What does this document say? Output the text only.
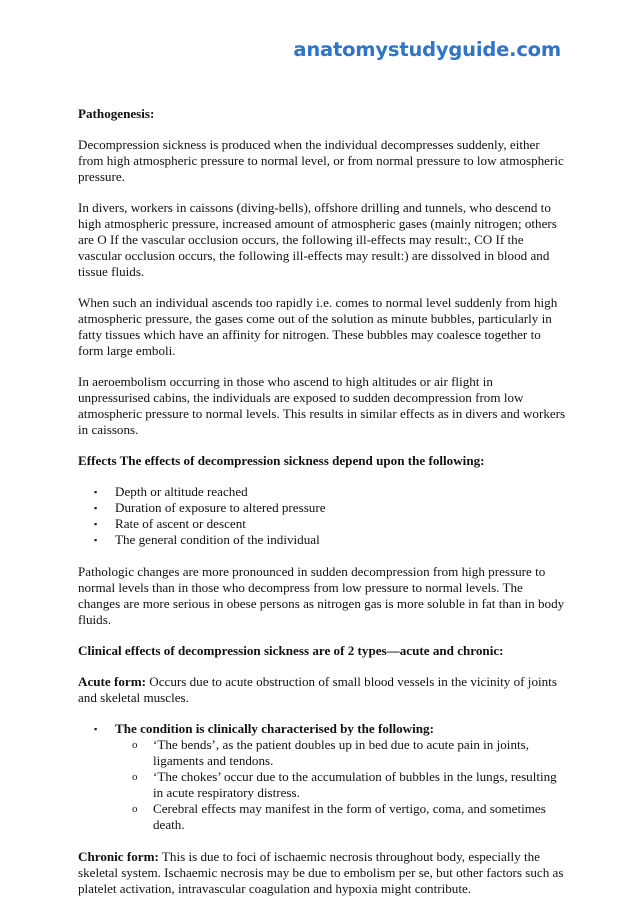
anatomystudyguide.com

Pathogenesis:

Decompression sickness is produced when the individual decompresses suddenly, either from high atmospheric pressure to normal level, or from normal pressure to low atmospheric pressure.

In divers, workers in caissons (diving-bells), offshore drilling and tunnels, who descend to high atmospheric pressure, increased amount of atmospheric gases (mainly nitrogen; others are O If the vascular occlusion occurs, the following ill-effects may result:, CO If the vascular occlusion occurs, the following ill-effects may result:) are dissolved in blood and tissue fluids.

When such an individual ascends too rapidly i.e. comes to normal level suddenly from high atmospheric pressure, the gases come out of the solution as minute bubbles, particularly in fatty tissues which have an affinity for nitrogen. These bubbles may coalesce together to form large emboli.

In aeroembolism occurring in those who ascend to high altitudes or air flight in unpressurised cabins, the individuals are exposed to sudden decompression from low atmospheric pressure to normal levels. This results in similar effects as in divers and workers in caissons.

Effects The effects of decompression sickness depend upon the following:

▪ Depth or altitude reached
▪ Duration of exposure to altered pressure
▪ Rate of ascent or descent
▪ The general condition of the individual

Pathologic changes are more pronounced in sudden decompression from high pressure to normal levels than in those who decompress from low pressure to normal levels. The changes are more serious in obese persons as nitrogen gas is more soluble in fat than in body fluids.

Clinical effects of decompression sickness are of 2 types—acute and chronic:

Acute form: Occurs due to acute obstruction of small blood vessels in the vicinity of joints and skeletal muscles.

▪ The condition is clinically characterised by the following:
o ‘The bends’, as the patient doubles up in bed due to acute pain in joints, ligaments and tendons.
o ‘The chokes’ occur due to the accumulation of bubbles in the lungs, resulting in acute respiratory distress.
o Cerebral effects may manifest in the form of vertigo, coma, and sometimes death.

Chronic form: This is due to foci of ischaemic necrosis throughout body, especially the skeletal system. Ischaemic necrosis may be due to embolism per se, but other factors such as platelet activation, intravascular coagulation and hypoxia might contribute.
